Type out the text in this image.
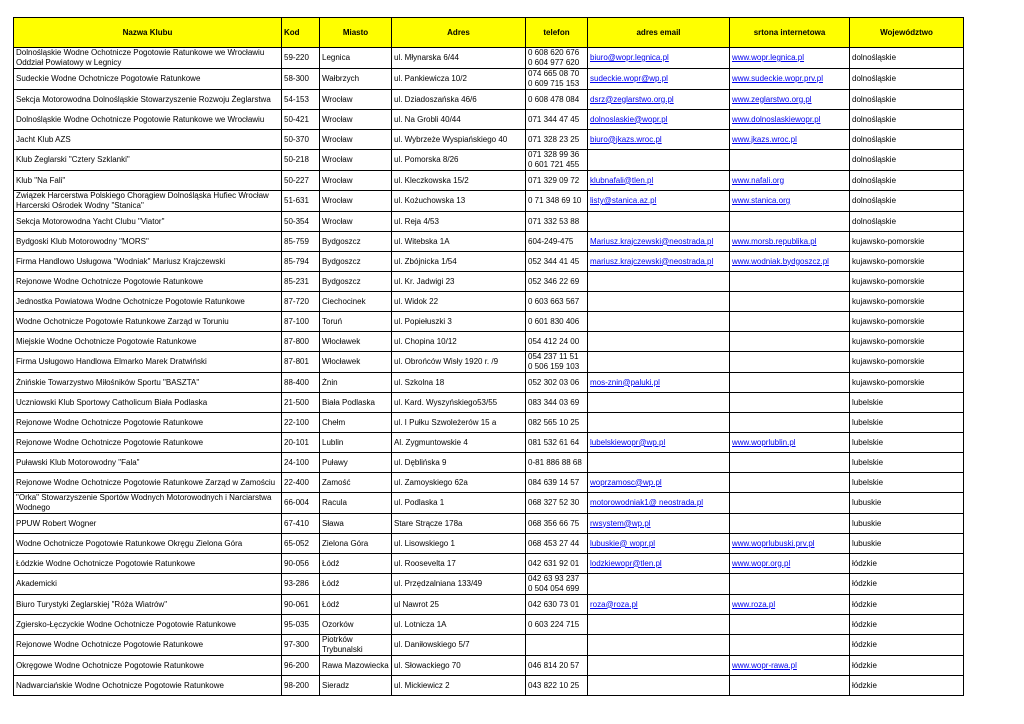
Nazwa Klubu	Kod	Miasto	Adres	telefon	adres email	srtona internetowa	Województwo
Dolnośląskie Wodne Ochotnicze Pogotowie Ratunkowe we Wrocławiu Oddział Powiatowy w Legnicy	59-220	Legnica	ul. Młynarska 6/44	0 608 620 676
0 604 977 620	biuro@wopr.legnica.pl	www.wopr.legnica.pl	dolnośląskie
Sudeckie Wodne Ochotnicze Pogotowie Ratunkowe	58-300	Wałbrzych	ul. Pankiewicza 10/2	074 665 08 70
0 609 715 153	sudeckie.wopr@wp.pl	www.sudeckie.wopr.prv.pl	dolnośląskie
Sekcja Motorowodna Dolnośląskie Stowarzyszenie Rozwoju Żeglarstwa	54-153	Wrocław	ul. Dziadoszańska 46/6	0 608 478 084	dsrz@zeglarstwo.org.pl	www.zeglarstwo.org.pl	dolnośląskie
Dolnośląskie Wodne Ochotnicze Pogotowie Ratunkowe we Wrocławiu	50-421	Wrocław	ul. Na Grobli 40/44	071 344 47 45	dolnoslaskie@wopr.pl	www.dolnoslaskiewopr.pl	dolnośląskie
Jacht Klub AZS	50-370	Wrocław	ul. Wybrzeże Wyspiańskiego 40	071 328 23 25	biuro@jkazs.wroc.pl	www.jkazs.wroc.pl	dolnośląskie
Klub Żeglarski "Cztery Szklanki"	50-218	Wrocław	ul. Pomorska 8/26	071 328 99 36
0 601 721 455			dolnośląskie
Klub "Na Fali"	50-227	Wrocław	ul. Kleczkowska 15/2	071 329 09 72	klubnafali@tlen.pl	www.nafali.org	dolnośląskie
Związek Harcerstwa Polskiego Chorągiew Dolnośląska Hufiec Wrocław Harcerski Ośrodek Wodny "Stanica"	51-631	Wrocław	ul. Kożuchowska 13	0 71 348 69 10	listy@stanica.az.pl	www.stanica.org	dolnośląskie
Sekcja Motorowodna Yacht Clubu "Viator"	50-354	Wrocław	ul. Reja 4/53	071 332 53 88			dolnośląskie
Bydgoski Klub Motorowodny "MORS"	85-759	Bydgoszcz	ul. Witebska 1A	604-249-475	Mariusz.krajczewski@neostrada.pl	www.morsb.republika.pl	kujawsko-pomorskie
Firma Handlowo Usługowa "Wodniak" Mariusz Krajczewski	85-794	Bydgoszcz	ul. Zbójnicka 1/54	052 344 41 45	mariusz.krajczewski@neostrada.pl	www.wodniak.bydgoszcz.pl	kujawsko-pomorskie
Rejonowe Wodne Ochotnicze Pogotowie Ratunkowe	85-231	Bydgoszcz	ul. Kr. Jadwigi 23	052 346 22 69			kujawsko-pomorskie
Jednostka Powiatowa Wodne Ochotnicze Pogotowie Ratunkowe	87-720	Ciechocinek	ul. Widok 22	0 603 663 567			kujawsko-pomorskie
Wodne Ochotnicze Pogotowie Ratunkowe Zarząd w Toruniu	87-100	Toruń	ul. Popiełuszki 3	0 601 830 406			kujawsko-pomorskie
Miejskie Wodne Ochotnicze Pogotowie Ratunkowe	87-800	Włocławek	ul. Chopina 10/12	054 412 24 00			kujawsko-pomorskie
Firma Usługowo Handlowa Elmarko Marek Dratwiński	87-801	Włocławek	ul. Obrońców Wisły 1920 r. /9	054 237 11 51
0 506 159 103			kujawsko-pomorskie
Żnińskie Towarzystwo Miłośników Sportu "BASZTA"	88-400	Żnin	ul. Szkolna 18	052 302 03 06	mos-znin@paluki.pl		kujawsko-pomorskie
Uczniowski Klub Sportowy Catholicum Biała Podlaska	21-500	Biała Podlaska	ul. Kard. Wyszyńskiego53/55	083 344 03 69			lubelskie
Rejonowe Wodne Ochotnicze Pogotowie Ratunkowe	22-100	Chełm	ul. I Pułku Szwoleżerów 15 a	082 565 10 25			lubelskie
Rejonowe Wodne Ochotnicze Pogotowie Ratunkowe	20-101	Lublin	Al. Zygmuntowskie 4	081 532 61 64	lubelskiewopr@wp.pl	www.woprlublin.pl	lubelskie
Puławski Klub Motorowodny "Fala"	24-100	Puławy	ul. Dęblińska 9	0-81 886 88 68			lubelskie
Rejonowe Wodne Ochotnicze Pogotowie Ratunkowe Zarząd w Zamościu	22-400	Zamość	ul. Zamoyskiego 62a	084 639 14 57	woprzamosc@wp.pl		lubelskie
"Orka" Stowarzyszenie Sportów Wodnych Motorowodnych i Narciarstwa Wodnego	66-004	Racula	ul. Podlaska 1	068 327 52 30	motorowodniak1@ neostrada.pl		lubuskie
PPUW Robert Wogner	67-410	Sława	Stare Strącze 178a	068 356 66 75	rwsystem@wp.pl		lubuskie
Wodne Ochotnicze Pogotowie Ratunkowe Okręgu Zielona Góra	65-052	Zielona Góra	ul. Lisowskiego 1	068 453 27 44	lubuskie@ wopr.pl	www.woprlubuski.prv.pl	lubuskie
Łódzkie Wodne Ochotnicze Pogotowie Ratunkowe	90-056	Łódź	ul. Roosevelta 17	042 631 92 01	lodzkiewopr@tlen.pl	www.wopr.org.pl	łódzkie
Akademicki	93-286	Łódź	ul. Przędzalniana 133/49	042 63 93 237
0 504 054 699			łódzkie
Biuro Turystyki Żeglarskiej "Róża Wiatrów"	90-061	Łódź	ul Nawrot 25	042 630 73 01	roza@roza.pl	www.roza.pl	łódzkie
Zgiersko-Łęczyckie Wodne Ochotnicze Pogotowie Ratunkowe	95-035	Ozorków	ul. Lotnicza 1A	0 603 224 715			łódzkie
Rejonowe Wodne Ochotnicze Pogotowie Ratunkowe	97-300	Piotrków Trybunalski	ul. Daniłowskiego 5/7				łódzkie
Okręgowe Wodne Ochotnicze Pogotowie Ratunkowe	96-200	Rawa Mazowiecka	ul. Słowackiego 70	046 814 20 57		www.wopr-rawa.pl	łódzkie
Nadwarciańskie Wodne Ochotnicze Pogotowie Ratunkowe	98-200	Sieradz	ul. Mickiewicz 2	043 822 10 25			łódzkie
